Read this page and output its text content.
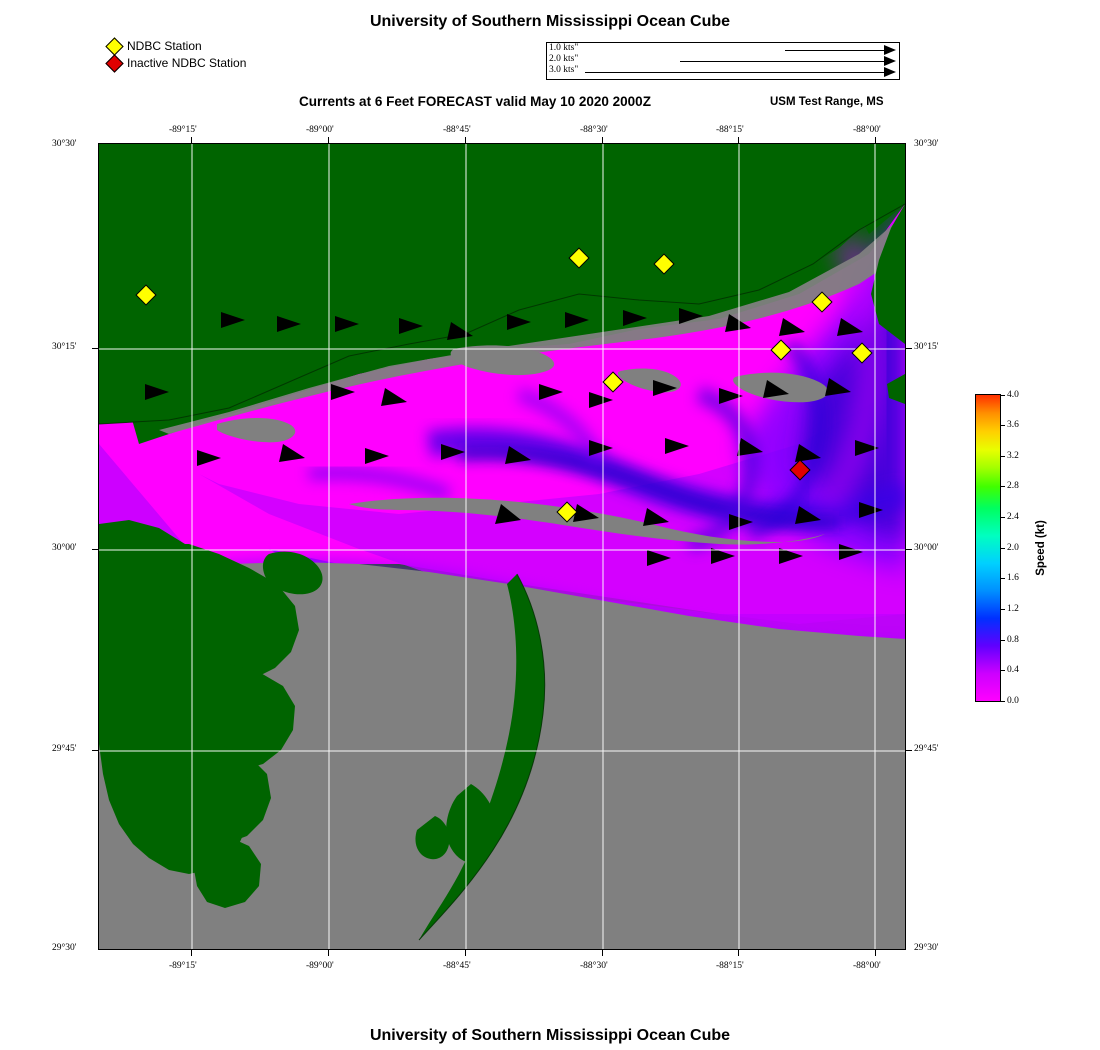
University of Southern Mississippi Ocean Cube
NDBC Station
Inactive NDBC Station
1.0 kts"
2.0 kts"
3.0 kts"
Currents at 6 Feet FORECAST valid May 10 2020 2000Z	USM Test Range, MS
-89°15'	-89°00'	-88°45'	-88°30'	-88°15'	-88°00'
-89°15'	-89°00'	-88°45'	-88°30'	-88°15'	-88°00'
30°30'
30°15'
30°00'
29°45'
29°30'
30°30'
30°15'
30°00'
29°45'
29°30'
0.0
0.4
0.8
1.2
1.6
2.0
2.4
2.8
3.2
3.6
4.0
Speed (kt)
University of Southern Mississippi Ocean Cube
